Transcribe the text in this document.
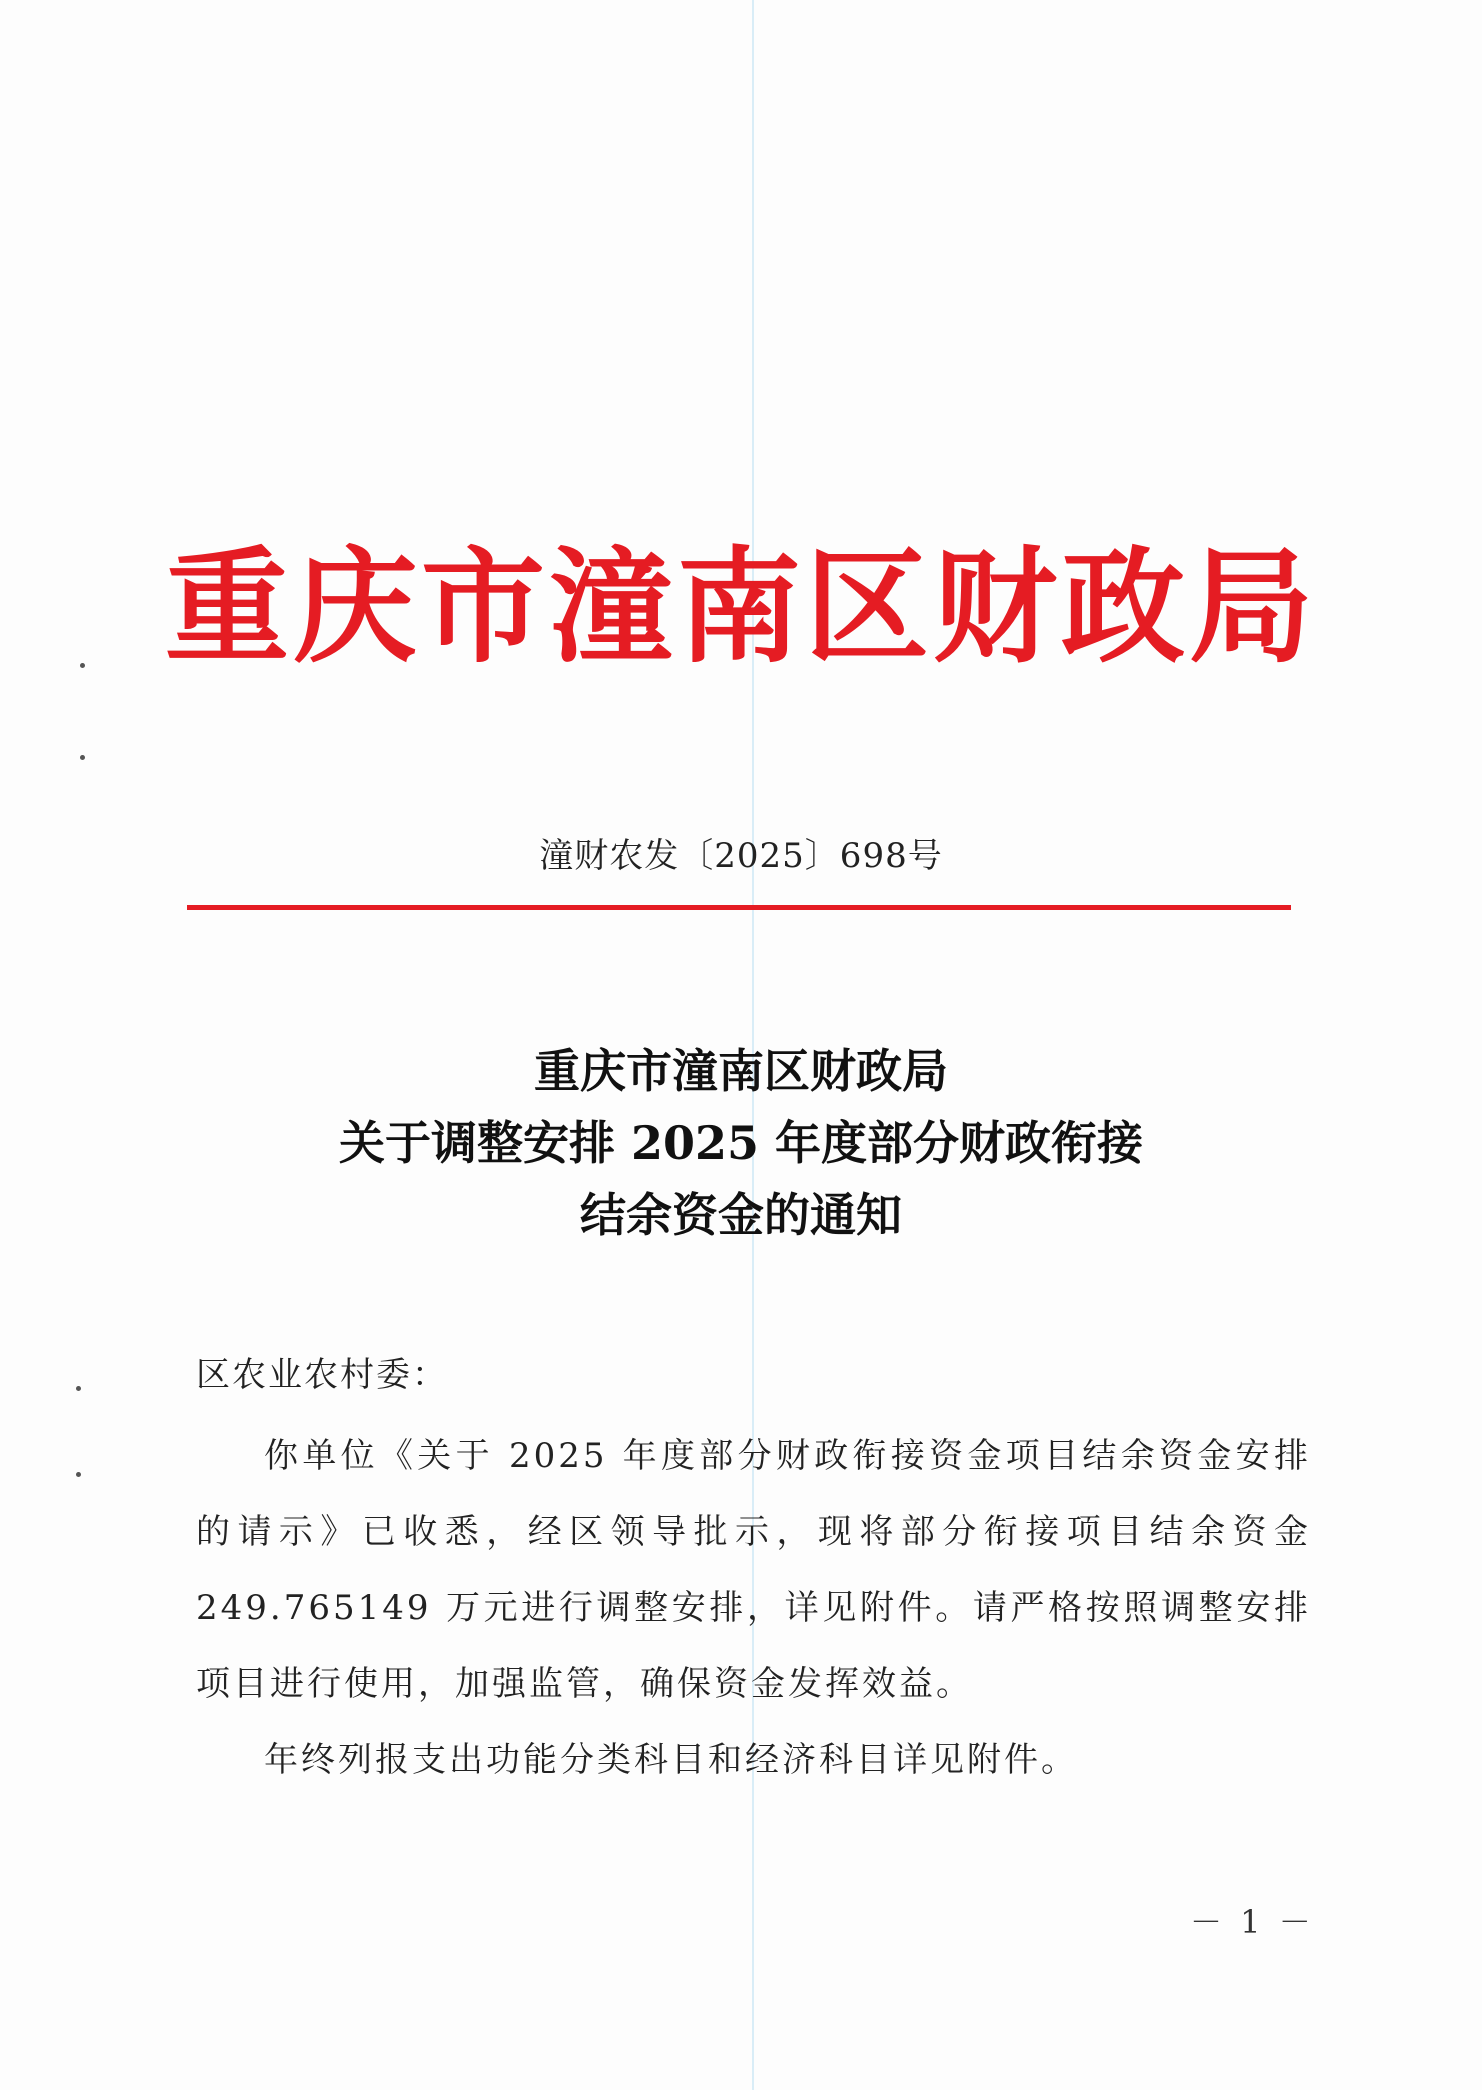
重庆市潼南区财政局
潼财农发〔2025〕698号
重庆市潼南区财政局
关于调整安排 2025 年度部分财政衔接
结余资金的通知
区农业农村委：

你单位《关于 2025 年度部分财政衔接资金项目结余资金安排的请示》已收悉，经区领导批示，现将部分衔接项目结余资金 249.765149 万元进行调整安排，详见附件。请严格按照调整安排项目进行使用，加强监管，确保资金发挥效益。

年终列报支出功能分类科目和经济科目详见附件。

－ 1 －
